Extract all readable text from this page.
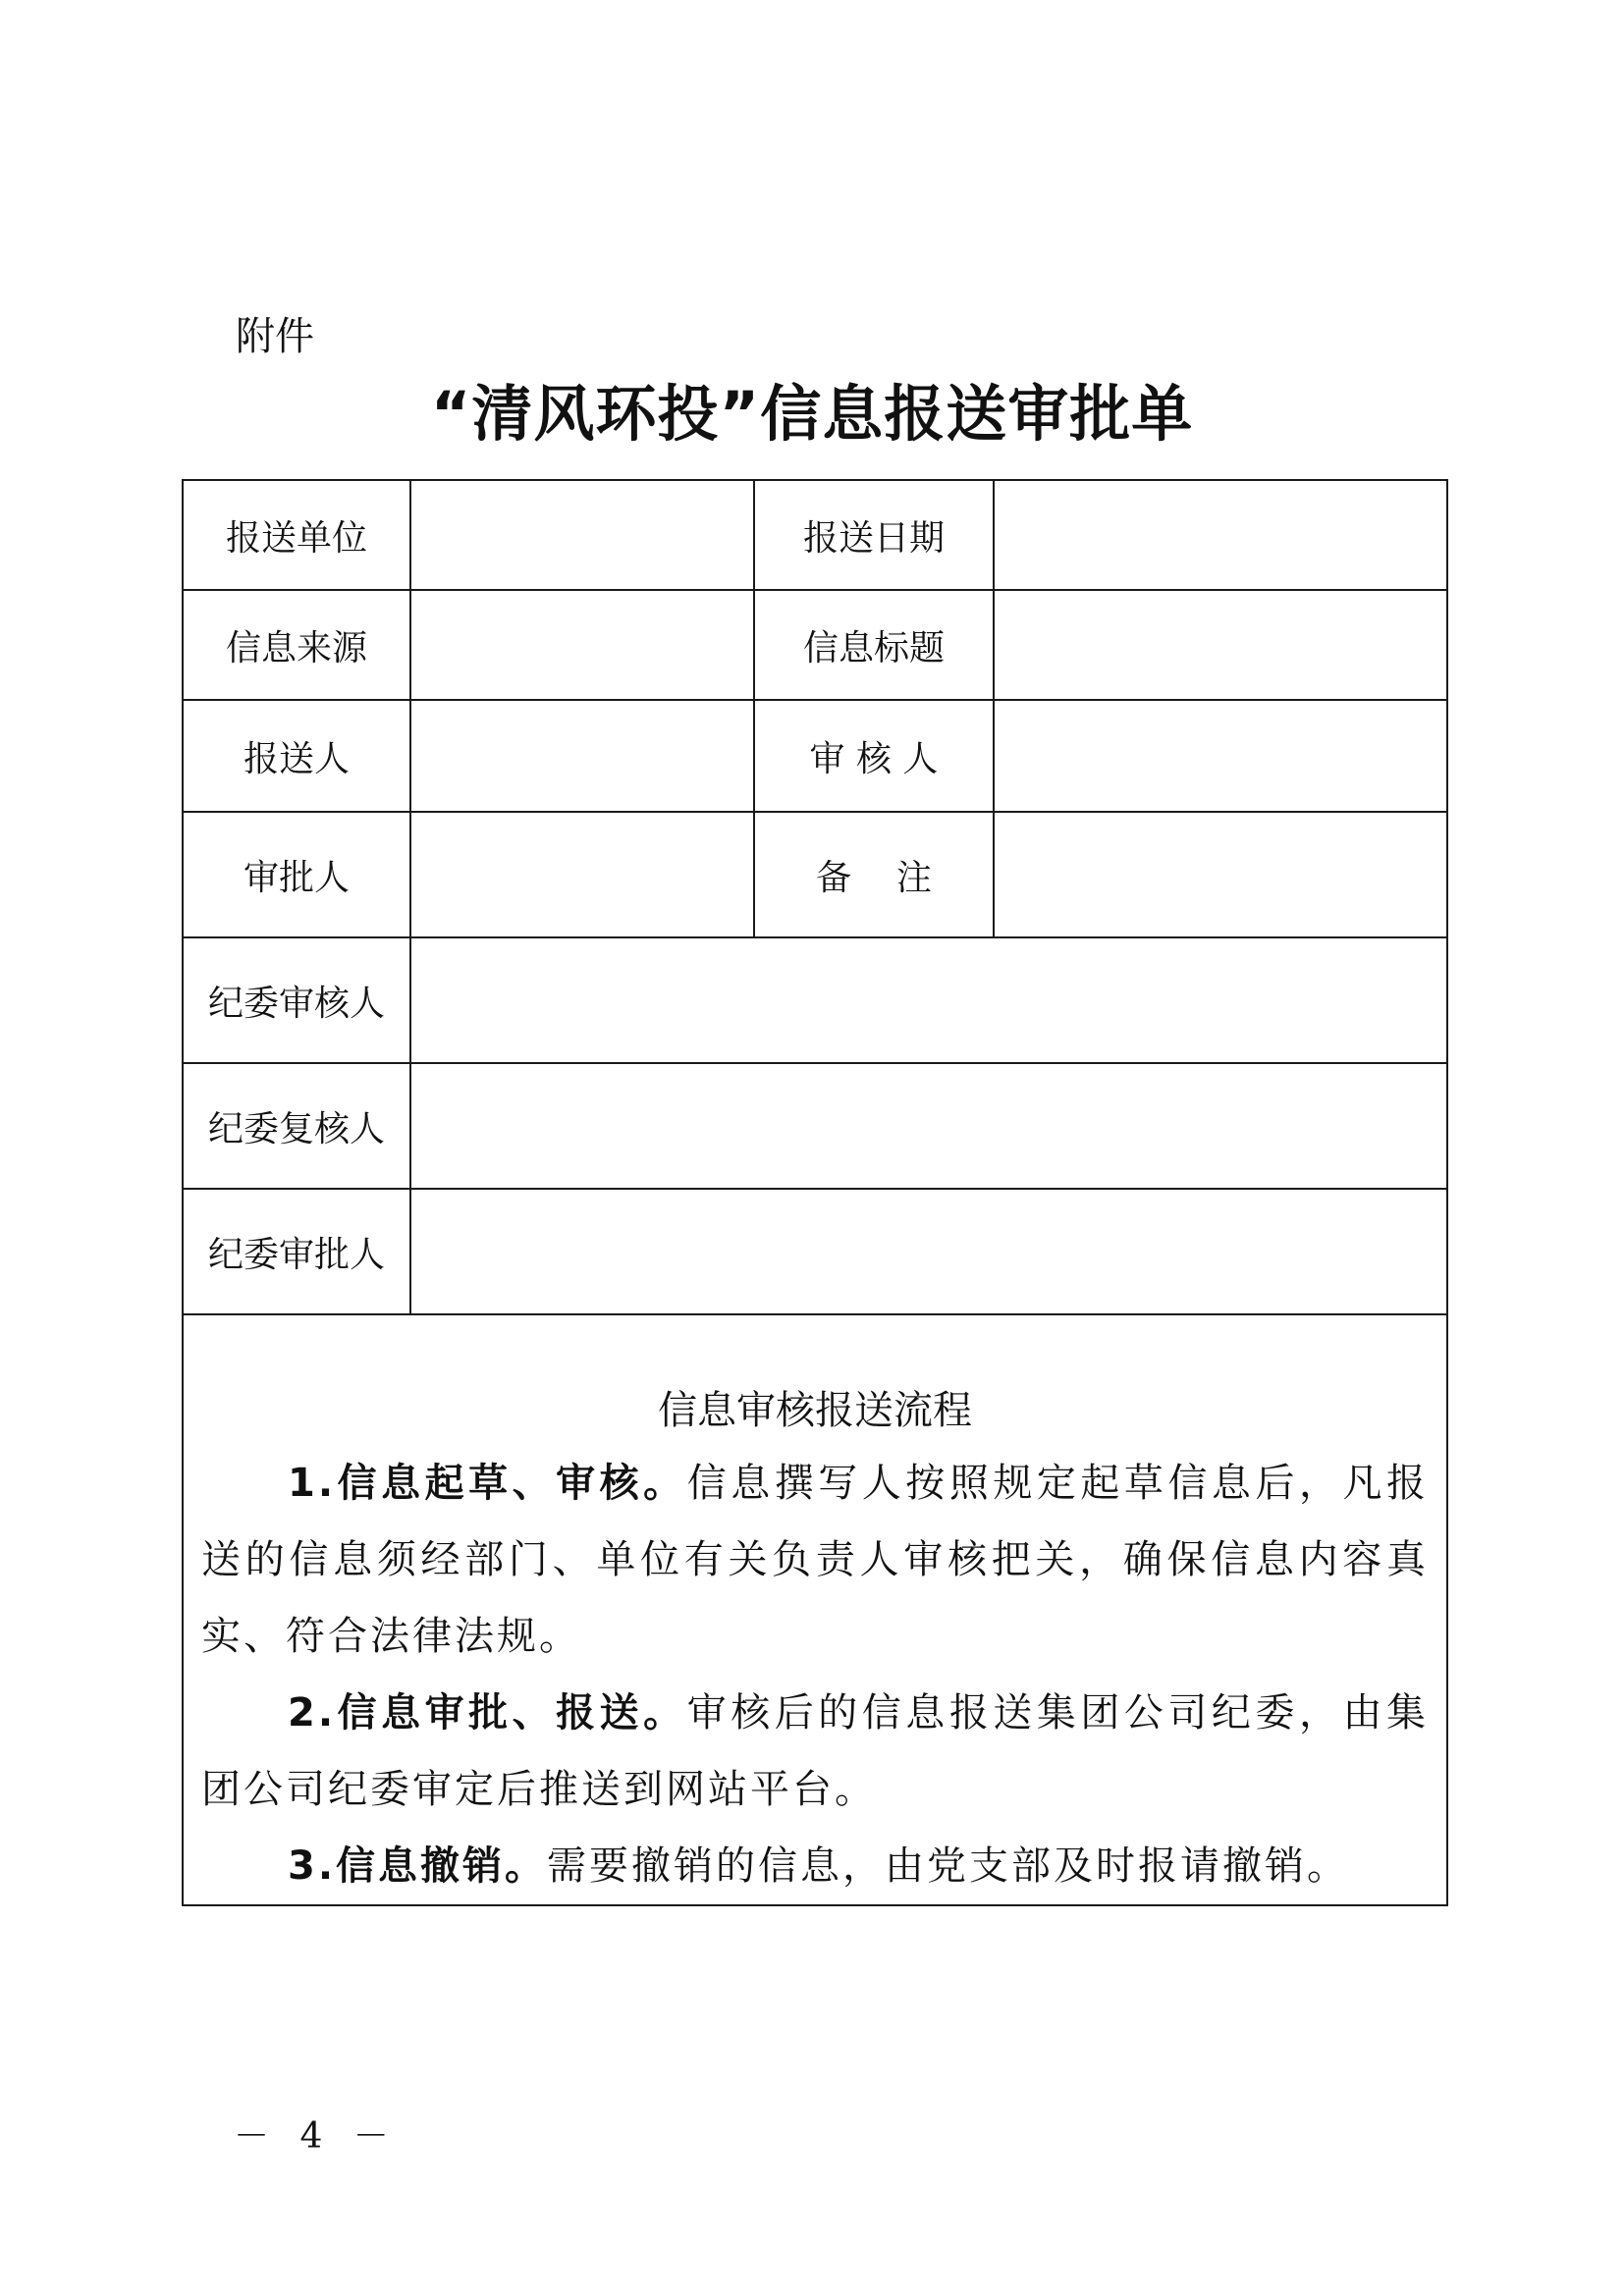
附件
“清风环投”信息报送审批单
报送单位		报送日期	
信息来源		信息标题	
报送人		审 核 人	
审批人		备    注	
纪委审核人			
纪委复核人			
纪委审批人			

信息审核报送流程
1.信息起草、审核。信息撰写人按照规定起草信息后，凡报送的信息须经部门、单位有关负责人审核把关，确保信息内容真实、符合法律法规。
2.信息审批、报送。审核后的信息报送集团公司纪委，由集团公司纪委审定后推送到网站平台。
3.信息撤销。需要撤销的信息，由党支部及时报请撤销。			
－ 4 －
